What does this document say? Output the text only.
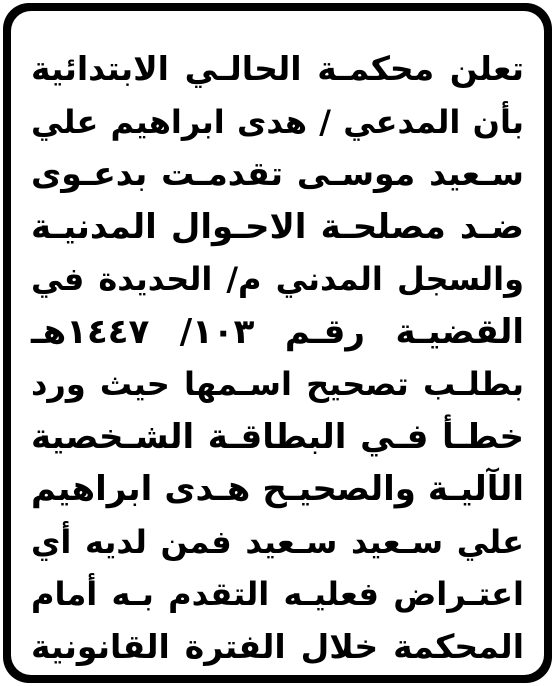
تعلن محكمـة الحالـي الابتدائية
بأن المدعي / هدى ابراهيم علي
سـعيد موسـى تقدمـت بدعـوى
ضـد مصلحـة الاحـوال المدنيـة
والسجل المدني م/ الحديدة في
القضيـة رقـم ١٠٣/ ١٤٤٧هـ
بطلـب تصحيح اسـمها حيث ورد
خطـأ فـي البطاقـة الشـخصية
الآليـة والصحيـح هـدى ابراهيم
علي سـعيد سـعيد فمن لديه أي
اعتـراض فعليـه التقدم بـه أمام
المحكمة خلال الفترة القانونية
